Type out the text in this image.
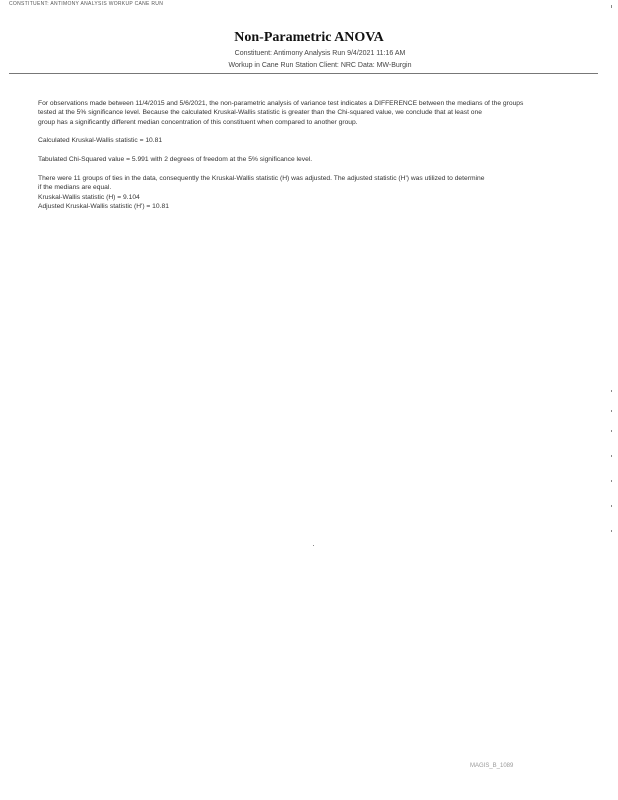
CONSTITUENT: ANTIMONY ANALYSIS WORKUP CANE RUN
Non-Parametric ANOVA
Constituent: Antimony Analysis Run 9/4/2021 11:16 AM
Workup in Cane Run Station Client: NRC Data: MW-Burgin
For observations made between 11/4/2015 and 5/6/2021, the non-parametric analysis of variance test indicates a DIFFERENCE between the medians of the groups
tested at the 5% significance level. Because the calculated Kruskal-Wallis statistic is greater than the Chi-squared value, we conclude that at least one
group has a significantly different median concentration of this constituent when compared to another group.
Calculated Kruskal-Wallis statistic = 10.81
Tabulated Chi-Squared value = 5.991 with 2 degrees of freedom at the 5% significance level.
There were 11 groups of ties in the data, consequently the Kruskal-Wallis statistic (H) was adjusted. The adjusted statistic (H') was utilized to determine
if the medians are equal.
Kruskal-Wallis statistic (H) = 9.104
Adjusted Kruskal-Wallis statistic (H') = 10.81
MAGIS_B_1089
